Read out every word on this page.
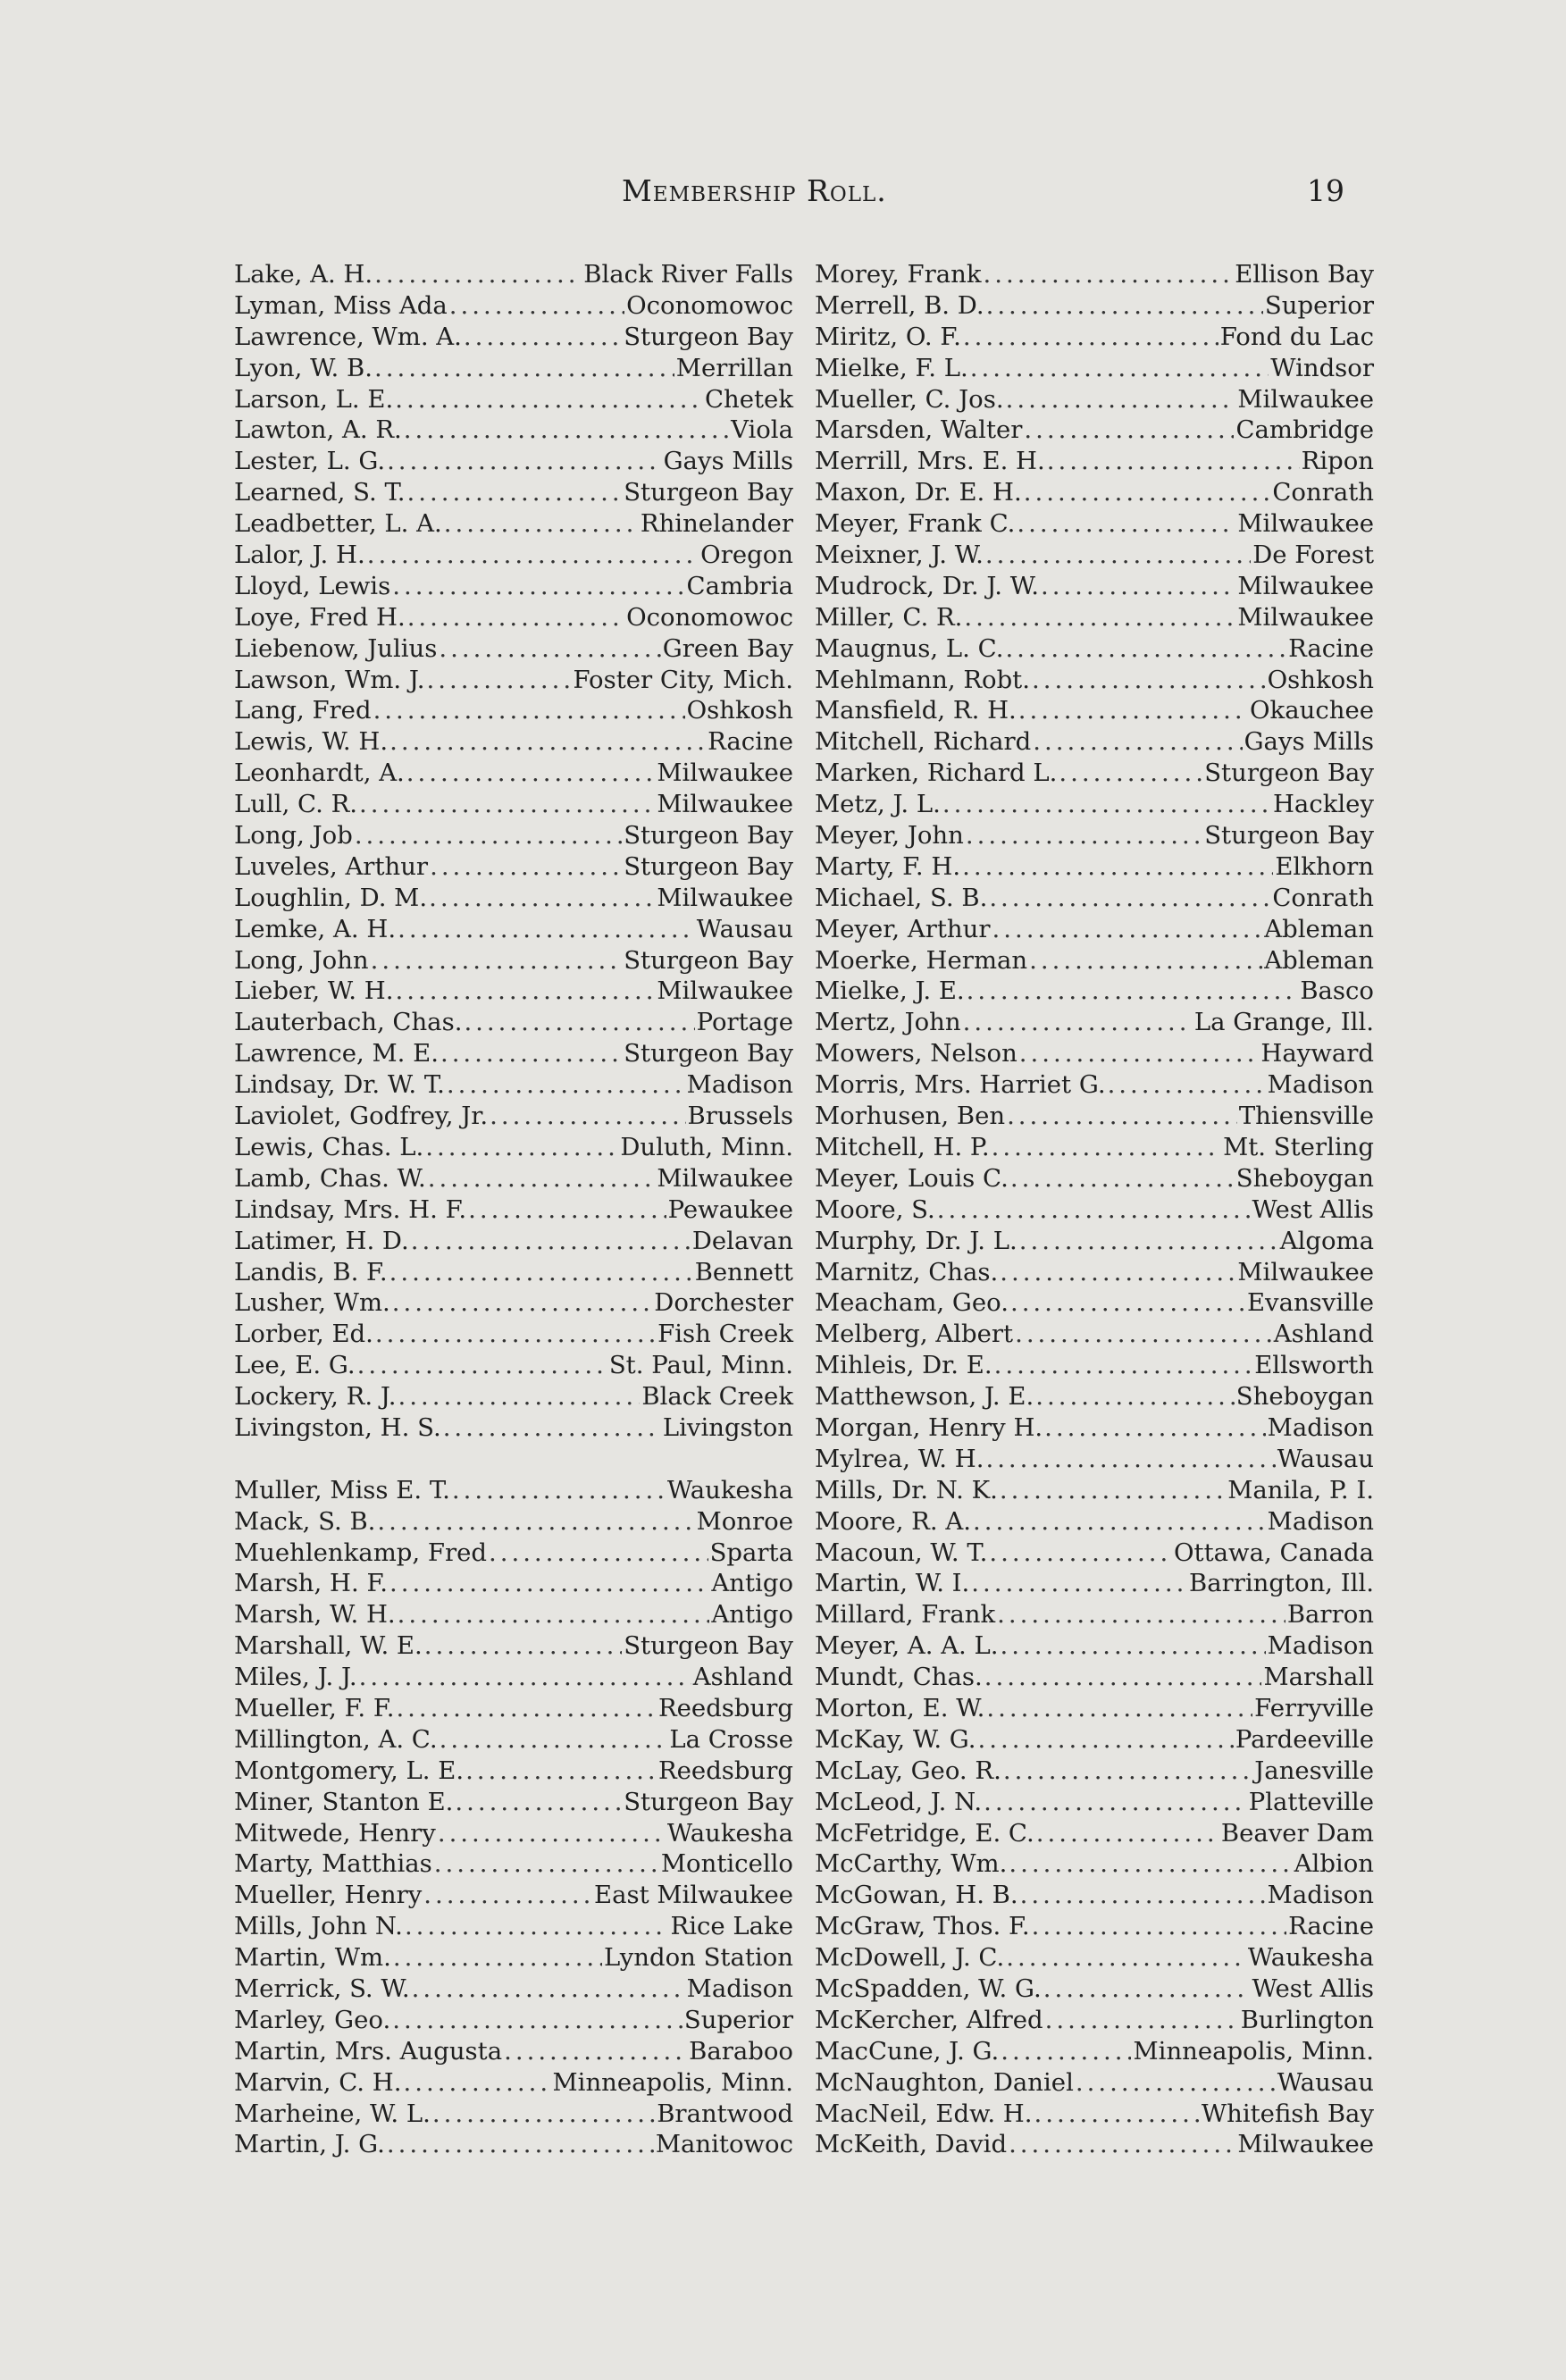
Membership Roll.	19
Lake, A. H. .....	Black River Falls
Lyman, Miss Ada .....	Oconomowoc
Lawrence, Wm. A. .....	Sturgeon Bay
Lyon, W. B. .....	Merrillan
Larson, L. E. .....	Chetek
Lawton, A. R. .....	Viola
Lester, L. G. .....	Gays Mills
Learned, S. T. .....	Sturgeon Bay
Leadbetter, L. A. .....	Rhinelander
Lalor, J. H. .....	Oregon
Lloyd, Lewis .....	Cambria
Loye, Fred H. .....	Oconomowoc
Liebenow, Julius .....	Green Bay
Lawson, Wm. J. .....	Foster City, Mich.
Lang, Fred .....	Oshkosh
Lewis, W. H. .....	Racine
Leonhardt, A. .....	Milwaukee
Lull, C. R. .....	Milwaukee
Long, Job .....	Sturgeon Bay
Luveles, Arthur .....	Sturgeon Bay
Loughlin, D. M. .....	Milwaukee
Lemke, A. H. .....	Wausau
Long, John .....	Sturgeon Bay
Lieber, W. H. .....	Milwaukee
Lauterbach, Chas. .....	Portage
Lawrence, M. E. .....	Sturgeon Bay
Lindsay, Dr. W. T. .....	Madison
Laviolet, Godfrey, Jr. .....	Brussels
Lewis, Chas. L. .....	Duluth, Minn.
Lamb, Chas. W. .....	Milwaukee
Lindsay, Mrs. H. F. .....	Pewaukee
Latimer, H. D. .....	Delavan
Landis, B. F. .....	Bennett
Lusher, Wm. .....	Dorchester
Lorber, Ed. .....	Fish Creek
Lee, E. G. .....	St. Paul, Minn.
Lockery, R. J. .....	Black Creek
Livingston, H. S. .....	Livingston
Muller, Miss E. T. .....	Waukesha
Mack, S. B. .....	Monroe
Muehlenkamp, Fred .....	Sparta
Marsh, H. F. .....	Antigo
Marsh, W. H. .....	Antigo
Marshall, W. E. .....	Sturgeon Bay
Miles, J. J. .....	Ashland
Mueller, F. F. .....	Reedsburg
Millington, A. C. .....	La Crosse
Montgomery, L. E. .....	Reedsburg
Miner, Stanton E. .....	Sturgeon Bay
Mitwede, Henry .....	Waukesha
Marty, Matthias .....	Monticello
Mueller, Henry .....	East Milwaukee
Mills, John N. .....	Rice Lake
Martin, Wm. .....	Lyndon Station
Merrick, S. W. .....	Madison
Marley, Geo. .....	Superior
Martin, Mrs. Augusta .....	Baraboo
Marvin, C. H. .....	Minneapolis, Minn.
Marheine, W. L. .....	Brantwood
Martin, J. G. .....	Manitowoc
Morey, Frank .....	Ellison Bay
Merrell, B. D. .....	Superior
Miritz, O. F. .....	Fond du Lac
Mielke, F. L. .....	Windsor
Mueller, C. Jos. .....	Milwaukee
Marsden, Walter .....	Cambridge
Merrill, Mrs. E. H. .....	Ripon
Maxon, Dr. E. H. .....	Conrath
Meyer, Frank C. .....	Milwaukee
Meixner, J. W. .....	De Forest
Mudrock, Dr. J. W. .....	Milwaukee
Miller, C. R. .....	Milwaukee
Maugnus, L. C. .....	Racine
Mehlmann, Robt. .....	Oshkosh
Mansfield, R. H. .....	Okauchee
Mitchell, Richard .....	Gays Mills
Marken, Richard L. .....	Sturgeon Bay
Metz, J. L. .....	Hackley
Meyer, John .....	Sturgeon Bay
Marty, F. H. .....	Elkhorn
Michael, S. B. .....	Conrath
Meyer, Arthur .....	Ableman
Moerke, Herman .....	Ableman
Mielke, J. E. .....	Basco
Mertz, John .....	La Grange, Ill.
Mowers, Nelson .....	Hayward
Morris, Mrs. Harriet G. .....	Madison
Morhusen, Ben .....	Thiensville
Mitchell, H. P. .....	Mt. Sterling
Meyer, Louis C. .....	Sheboygan
Moore, S. .....	West Allis
Murphy, Dr. J. L. .....	Algoma
Marnitz, Chas. .....	Milwaukee
Meacham, Geo. .....	Evansville
Melberg, Albert .....	Ashland
Mihleis, Dr. E. .....	Ellsworth
Matthewson, J. E. .....	Sheboygan
Morgan, Henry H. .....	Madison
Mylrea, W. H. .....	Wausau
Mills, Dr. N. K. .....	Manila, P. I.
Moore, R. A. .....	Madison
Macoun, W. T. .....	Ottawa, Canada
Martin, W. I. .....	Barrington, Ill.
Millard, Frank .....	Barron
Meyer, A. A. L. .....	Madison
Mundt, Chas. .....	Marshall
Morton, E. W. .....	Ferryville
McKay, W. G. .....	Pardeeville
McLay, Geo. R. .....	Janesville
McLeod, J. N. .....	Platteville
McFetridge, E. C. .....	Beaver Dam
McCarthy, Wm. .....	Albion
McGowan, H. B. .....	Madison
McGraw, Thos. F. .....	Racine
McDowell, J. C. .....	Waukesha
McSpadden, W. G. .....	West Allis
McKercher, Alfred .....	Burlington
MacCune, J. G. .....	Minneapolis, Minn.
McNaughton, Daniel .....	Wausau
MacNeil, Edw. H. .....	Whitefish Bay
McKeith, David .....	Milwaukee
